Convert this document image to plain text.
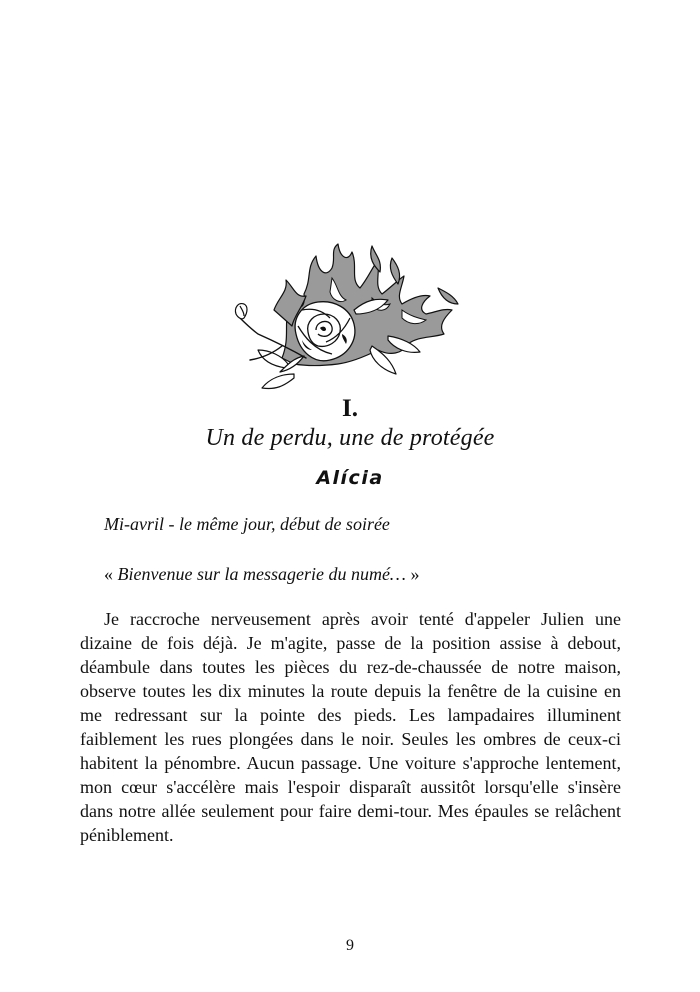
I.
Un de perdu, une de protégée
Alícia
Mi-avril - le même jour, début de soirée
« Bienvenue sur la messagerie du numé… »
Je raccroche nerveusement après avoir tenté d'appeler Julien une
dizaine de fois déjà. Je m'agite, passe de la position assise à debout,
déambule dans toutes les pièces du rez-de-chaussée de notre maison,
observe toutes les dix minutes la route depuis la fenêtre de la cuisine en
me redressant sur la pointe des pieds. Les lampadaires illuminent
faiblement les rues plongées dans le noir. Seules les ombres de ceux-ci
habitent la pénombre. Aucun passage. Une voiture s'approche lentement,
mon cœur s'accélère mais l'espoir disparaît aussitôt lorsqu'elle s'insère
dans notre allée seulement pour faire demi-tour. Mes épaules se relâchent
péniblement.
9
